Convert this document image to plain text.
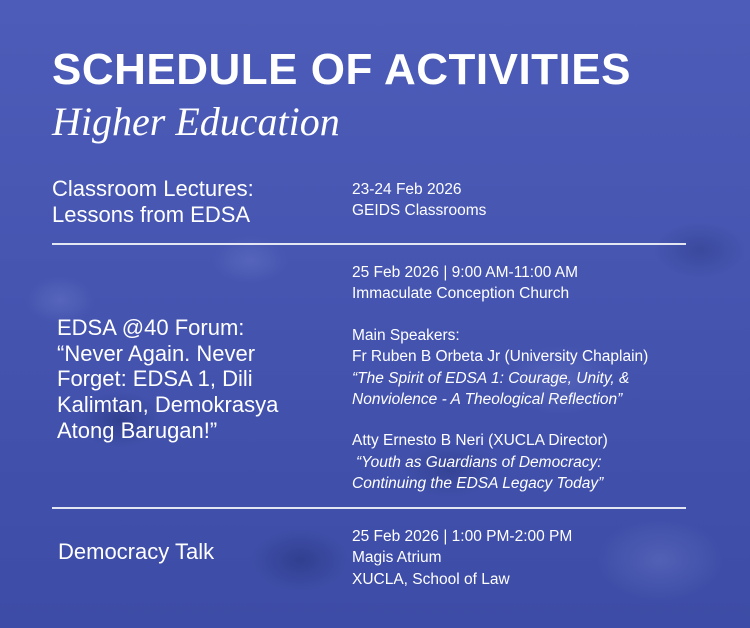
SCHEDULE OF ACTIVITIES
Higher Education
Classroom Lectures:
Lessons from EDSA

23-24 Feb 2026

GEIDS Classrooms

EDSA @40 Forum:
“Never Again. Never
Forget: EDSA 1, Dili
Kalimtan, Demokrasya
Atong Barugan!”

25 Feb 2026 | 9:00 AM-11:00 AM

Immaculate Conception Church

Main Speakers:

Fr Ruben B Orbeta Jr (University Chaplain)

“The Spirit of EDSA 1: Courage, Unity, &

Nonviolence - A Theological Reflection”

Atty Ernesto B Neri (XUCLA Director)

“Youth as Guardians of Democracy:

Continuing the EDSA Legacy Today”

Democracy Talk

25 Feb 2026 | 1:00 PM-2:00 PM

Magis Atrium

XUCLA, School of Law
